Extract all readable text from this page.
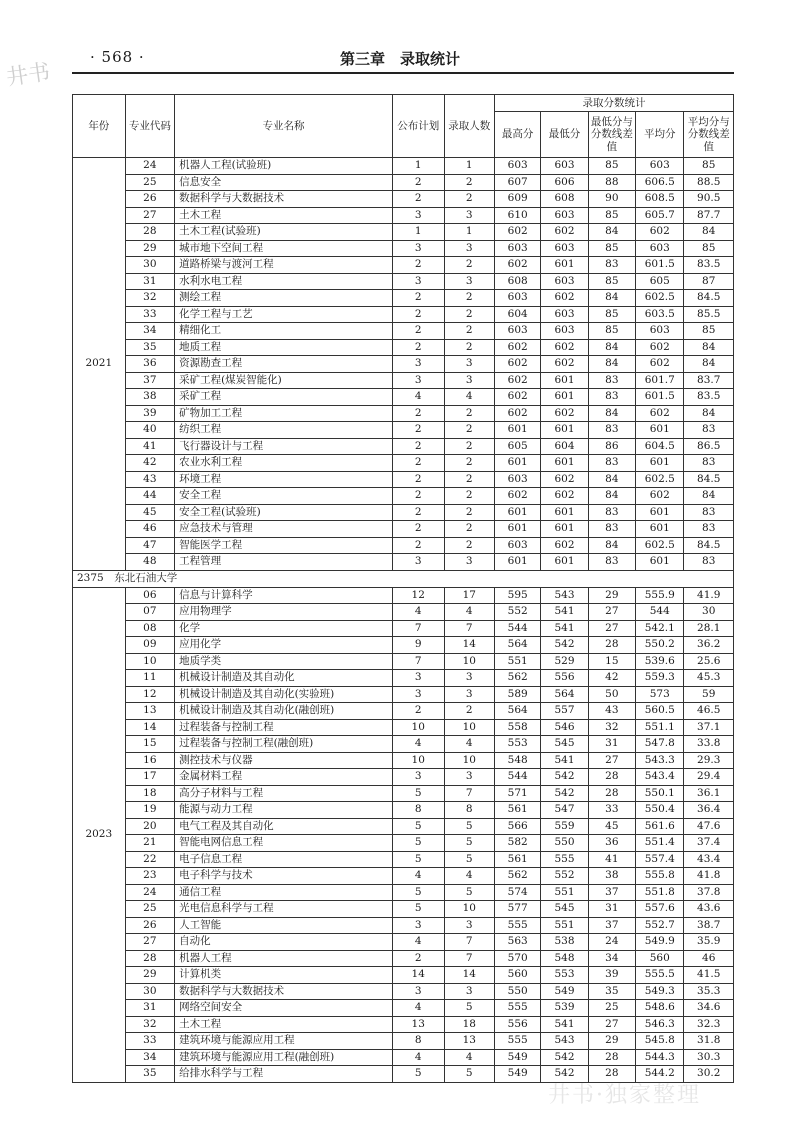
· 568 ·	第三章　录取统计
井书
井书·独家整理
年份	专业代码	专业名称	公布计划	录取人数	录取分数统计				
					最高分	最低分	最低分与分数线差值	平均分	平均分与分数线差值
2021	24	机器人工程(试验班)	1	1	603	603	85	603	85
	25	信息安全	2	2	607	606	88	606.5	88.5
	26	数据科学与大数据技术	2	2	609	608	90	608.5	90.5
	27	土木工程	3	3	610	603	85	605.7	87.7
	28	土木工程(试验班)	1	1	602	602	84	602	84
	29	城市地下空间工程	3	3	603	603	85	603	85
	30	道路桥梁与渡河工程	2	2	602	601	83	601.5	83.5
	31	水利水电工程	3	3	608	603	85	605	87
	32	测绘工程	2	2	603	602	84	602.5	84.5
	33	化学工程与工艺	2	2	604	603	85	603.5	85.5
	34	精细化工	2	2	603	603	85	603	85
	35	地质工程	2	2	602	602	84	602	84
	36	资源勘查工程	3	3	602	602	84	602	84
	37	采矿工程(煤炭智能化)	3	3	602	601	83	601.7	83.7
	38	采矿工程	4	4	602	601	83	601.5	83.5
	39	矿物加工工程	2	2	602	602	84	602	84
	40	纺织工程	2	2	601	601	83	601	83
	41	飞行器设计与工程	2	2	605	604	86	604.5	86.5
	42	农业水利工程	2	2	601	601	83	601	83
	43	环境工程	2	2	603	602	84	602.5	84.5
	44	安全工程	2	2	602	602	84	602	84
	45	安全工程(试验班)	2	2	601	601	83	601	83
	46	应急技术与管理	2	2	601	601	83	601	83
	47	智能医学工程	2	2	603	602	84	602.5	84.5
	48	工程管理	3	3	601	601	83	601	83
2375　东北石油大学									
2023	06	信息与计算科学	12	17	595	543	29	555.9	41.9
	07	应用物理学	4	4	552	541	27	544	30
	08	化学	7	7	544	541	27	542.1	28.1
	09	应用化学	9	14	564	542	28	550.2	36.2
	10	地质学类	7	10	551	529	15	539.6	25.6
	11	机械设计制造及其自动化	3	3	562	556	42	559.3	45.3
	12	机械设计制造及其自动化(实验班)	3	3	589	564	50	573	59
	13	机械设计制造及其自动化(融创班)	2	2	564	557	43	560.5	46.5
	14	过程装备与控制工程	10	10	558	546	32	551.1	37.1
	15	过程装备与控制工程(融创班)	4	4	553	545	31	547.8	33.8
	16	测控技术与仪器	10	10	548	541	27	543.3	29.3
	17	金属材料工程	3	3	544	542	28	543.4	29.4
	18	高分子材料与工程	5	7	571	542	28	550.1	36.1
	19	能源与动力工程	8	8	561	547	33	550.4	36.4
	20	电气工程及其自动化	5	5	566	559	45	561.6	47.6
	21	智能电网信息工程	5	5	582	550	36	551.4	37.4
	22	电子信息工程	5	5	561	555	41	557.4	43.4
	23	电子科学与技术	4	4	562	552	38	555.8	41.8
	24	通信工程	5	5	574	551	37	551.8	37.8
	25	光电信息科学与工程	5	10	577	545	31	557.6	43.6
	26	人工智能	3	3	555	551	37	552.7	38.7
	27	自动化	4	7	563	538	24	549.9	35.9
	28	机器人工程	2	7	570	548	34	560	46
	29	计算机类	14	14	560	553	39	555.5	41.5
	30	数据科学与大数据技术	3	3	550	549	35	549.3	35.3
	31	网络空间安全	4	5	555	539	25	548.6	34.6
	32	土木工程	13	18	556	541	27	546.3	32.3
	33	建筑环境与能源应用工程	8	13	555	543	29	545.8	31.8
	34	建筑环境与能源应用工程(融创班)	4	4	549	542	28	544.3	30.3
	35	给排水科学与工程	5	5	549	542	28	544.2	30.2
